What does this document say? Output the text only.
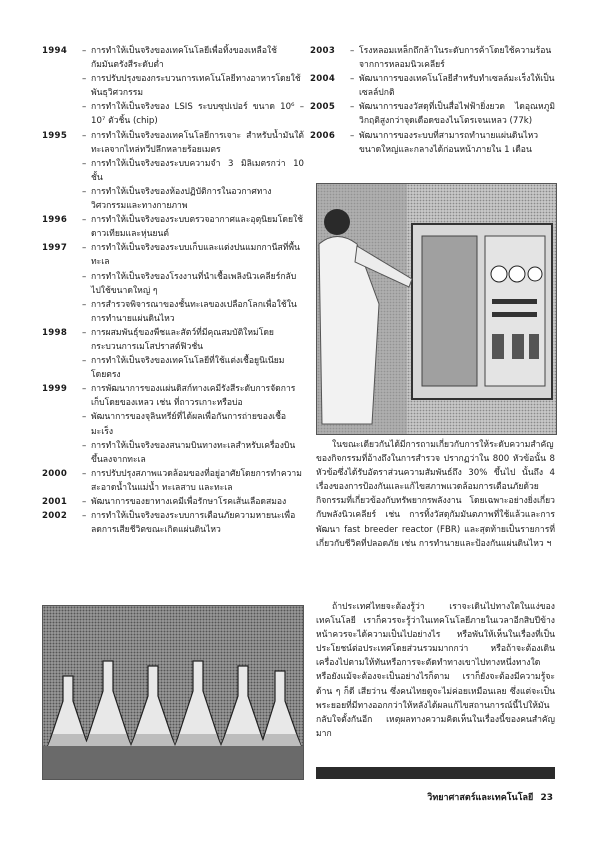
1994	– การทำให้เป็นจริงของเทคโนโลยีเพื่อทิ้งของเหลือใช้กัมมันตรังสีระดับต่ำ
– การปรับปรุงของกระบวนการเทคโนโลยีทางอาหารโดยใช้พันธุวิศวกรรม
– การทำให้เป็นจริงของ LSIS ระบบซุปเปอร์ ขนาด 10⁶ – 10⁷ ตัวชิ้น (chip)
1995	– การทำให้เป็นจริงของเทคโนโลยีการเจาะ สำหรับน้ำมันใต้ทะเลจากไหล่ทวีปลึกหลายร้อยเมตร
– การทำให้เป็นจริงของระบบความจำ 3 มิลิเมตรกว่า 10 ชั้น
– การทำให้เป็นจริงของห้องปฏิบัติการในอวกาศทางวิศวกรรมและทางกายภาพ
1996	– การทำให้เป็นจริงของระบบตรวจอากาศและอุตุนิยมโดยใช้ดาวเทียมและหุ่นยนต์
1997	– การทำให้เป็นจริงของระบบเก็บและแต่งปนแมกกานีสที่พื้นทะเล
– การทำให้เป็นจริงของโรงงานที่นำเชื้อเพลิงนิวเคลียร์กลับไปใช้ขนาดใหญ่ ๆ
– การสำรวจพิจารณาของชั้นทะเลของเปลือกโลกเพื่อใช้ในการทำนายแผ่นดินไหว
1998	– การผสมพันธุ์ของพืชและสัตว์ที่มีคุณสมบัติใหม่โดยกระบวนการเมโสปราสต์ฟิวชั่น
– การทำให้เป็นจริงของเทคโนโลยีที่ใช้แต่งเชื้อยูนิเนียมโดยตรง
1999	– การพัฒนาการของแผ่นดิสก์ทางเคมีรังสีระดับการจัดการเก็บโดยของเหลว เช่น ที่ถาวรเกาะหรือบ่อ
– พัฒนาการของจุลินทรีย์ที่ได้ผลเพื่อกันการถ่ายของเชื้อมะเร็ง
– การทำให้เป็นจริงของสนามบินทางทะเลสำหรับเครื่องบินขึ้นลงจากทะเล
2000	– การปรับปรุงสภาพแวดล้อมของที่อยู่อาศัยโดยการทำความสะอาดน้ำในแม่น้ำ ทะเลสาบ และทะเล
2001	– พัฒนาการของยาทางเคมีเพื่อรักษาโรคเส้นเลือดสมอง
2002	– การทำให้เป็นจริงของระบบการเตือนภัยความหายนะเพื่อลดการเสียชีวิตขณะเกิดแผ่นดินไหว
2003	– โรงหลอมเหล็กถึกล้าในระดับการค้าโดยใช้ความร้อนจากการหลอมนิวเคลียร์
2004	– พัฒนาการของเทคโนโลยีสำหรับทำเซลล์มะเร็งให้เป็นเซลล์ปกติ
2005	– พัฒนาการของวัสดุที่เป็นสื่อไฟฟ้ายิ่งยวด ไดอุณหภูมิวิกฤติสูงกว่าจุดเดือดของไนโตรเจนเหลว (77k)
2006	– พัฒนาการของระบบที่สามารถทำนายแผ่นดินไหวขนาดใหญ่และกลางได้ก่อนหน้าภายใน 1 เดือน

ในขณะเดียวกันได้มีการถามเกี่ยวกับการให้ระดับความสำคัญของกิจกรรมที่อ้างถึงในการสำรวจ ปรากฏว่าใน 800 หัวข้อนั้น 8 หัวข้อซึ่งได้รับอัตราส่วนความสัมพันธ์ถึง 30% ขึ้นไป นั้นถึง 4 เรื่องของการป้องกันและแก้ไขสภาพแวดล้อมการเตือนภัยด้วยกิจกรรมที่เกี่ยวข้องกับทรัพยากรพลังงาน โดยเฉพาะอย่างยิ่งเกี่ยวกับพลังนิวเคลียร์ เช่น การทิ้งวัสดุกัมมันตภาพที่ใช้แล้วและการพัฒนา fast breeder reactor (FBR) และสุดท้ายเป็นรายการที่เกี่ยวกับชีวิตที่ปลอดภัย เช่น การทำนายและป้องกันแผ่นดินไหว ฯ

ถ้าประเทศไทยจะต้องรู้ว่า เราจะเดินไปทางใดในแง่ของเทคโนโลยี เราก็ควรจะรู้ว่าในเทคโนโลยีภายในเวลาอีกสิบปีข้างหน้าควรจะได้ความเป็นไปอย่างไร หรือพันให้เห็นในเรื่องที่เป็นประโยชน์ต่อประเทศโดยส่วนรวมมากกว่า หรือถ้าจะต้องเดินเครื่องไปตามให้ทันหรือการจะตัดทำทางเขาไปทางหนึ่งทางใด หรือยังแม้จะต้องจะเป็นอย่างไรก็ตาม เราก็ยังจะต้องมีความรู้จะด้าน ๆ ก็ดี เสียว่าน ซึ่งคนไทยดูจะไม่ค่อยเหมือนเลย ซึ่งแต่จะเป็นพระยอยที่มีทางออกกว่าให้หลังได้ผลแก้ไขสถานการณ์นี้ไปให้มันกลับใจตั้งกันอีก เหตุผลทางความคิดเห็นในเรื่องนี้ของคนสำคัญมาก

วิทยาศาสตร์และเทคโนโลยี 23
